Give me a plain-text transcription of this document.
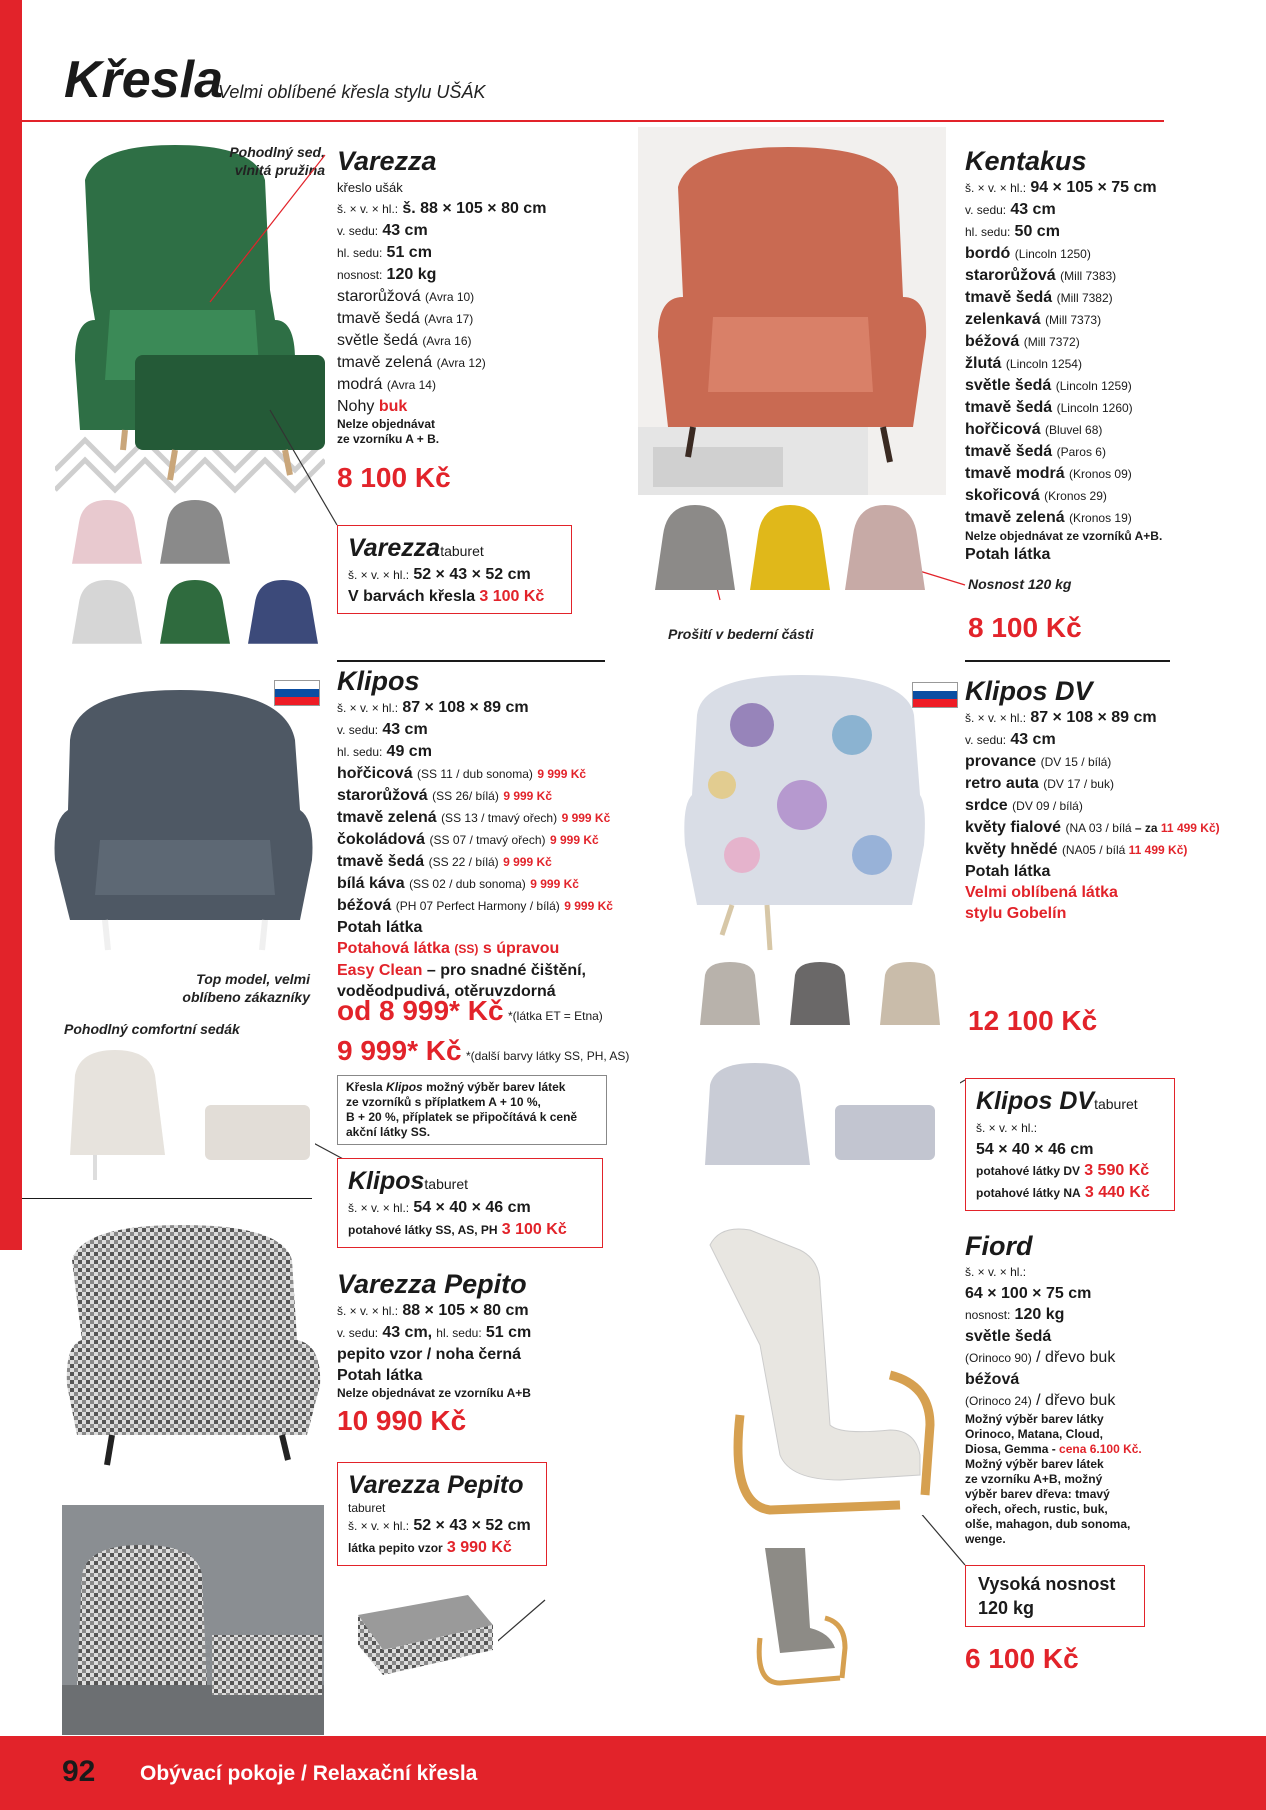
Křesla
Velmi oblíbené křesla stylu UŠÁK
Pohodlný sed,
vlnitá pružina Varezza
křeslo ušák
š. × v. × hl.: š. 88 × 105 × 80 cm
v. sedu: 43 cm
hl. sedu: 51 cm
nosnost: 120 kg
starorůžová (Avra 10)
tmavě šedá (Avra 17)
světle šedá (Avra 16)
tmavě zelená (Avra 12)
modrá (Avra 14)
Nohy buk
Nelze objednávat
ze vzorníku A + B.
8 100 Kč
Varezzataburet
š. × v. × hl.: 52 × 43 × 52 cm
V barvách křesla 3 100 Kč
Prošití v bederní části
Kentakus
š. × v. × hl.: 94 × 105 × 75 cm
v. sedu: 43 cm
hl. sedu: 50 cm
bordó (Lincoln 1250)
starorůžová (Mill 7383)
tmavě šedá (Mill 7382)
zelenkavá (Mill 7373)
béžová (Mill 7372)
žlutá (Lincoln 1254)
světle šedá (Lincoln 1259)
tmavě šedá (Lincoln 1260)
hořčicová (Bluvel 68)
tmavě šedá (Paros 6)
tmavě modrá (Kronos 09)
skořicová (Kronos 29)
tmavě zelená (Kronos 19)
Nelze objednávat ze vzorníků A+B.
Potah látka
Nosnost 120 kg
8 100 Kč
Top model, velmi
oblíbeno zákazníky
Pohodlný comfortní sedák
Klipos
š. × v. × hl.: 87 × 108 × 89 cm
v. sedu: 43 cm
hl. sedu: 49 cm
hořčicová (SS 11 / dub sonoma) 9 999 Kč
starorůžová (SS 26/ bílá) 9 999 Kč
tmavě zelená (SS 13 / tmavý ořech) 9 999 Kč
čokoládová (SS 07 / tmavý ořech) 9 999 Kč
tmavě šedá (SS 22 / bílá) 9 999 Kč
bílá káva (SS 02 / dub sonoma) 9 999 Kč
béžová (PH 07 Perfect Harmony / bílá) 9 999 Kč
Potah látka
Potahová látka (SS) s úpravou
Easy Clean – pro snadné čištění,
voděodpudivá, otěruvzdorná
od 8 999* Kč *(látka ET = Etna)
9 999* Kč *(další barvy látky SS, PH, AS)
Křesla Klipos možný výběr barev látek
ze vzorníků s příplatkem A + 10 %,
B + 20 %, příplatek se připočítává k ceně
akční látky SS.
Klipostaburet
š. × v. × hl.: 54 × 40 × 46 cm
potahové látky SS, AS, PH 3 100 Kč
Klipos DV
š. × v. × hl.: 87 × 108 × 89 cm
v. sedu: 43 cm
provance (DV 15 / bílá)
retro auta (DV 17 / buk)
srdce (DV 09 / bílá)
květy fialové (NA 03 / bílá – za 11 499 Kč)
květy hnědé (NA05 / bílá 11 499 Kč)
Potah látka
Velmi oblíbená látka
stylu Gobelín
12 100 Kč
Klipos DVtaburet
š. × v. × hl.:
54 × 40 × 46 cm
potahové látky DV 3 590 Kč
potahové látky NA 3 440 Kč
Varezza Pepito
š. × v. × hl.: 88 × 105 × 80 cm
v. sedu: 43 cm, hl. sedu: 51 cm
pepito vzor / noha černá
Potah látka
Nelze objednávat ze vzorníku A+B
10 990 Kč
Varezza Pepito
taburet
š. × v. × hl.: 52 × 43 × 52 cm
látka pepito vzor 3 990 Kč
Fiord
š. × v. × hl.:
64 × 100 × 75 cm
nosnost: 120 kg
světle šedá
(Orinoco 90) / dřevo buk
béžová
(Orinoco 24) / dřevo buk
Možný výběr barev látky
Orinoco, Matana, Cloud,
Diosa, Gemma - cena 6.100 Kč.
Možný výběr barev látek
ze vzorníku A+B, možný
výběr barev dřeva: tmavý
ořech, ořech, rustic, buk,
olše, mahagon, dub sonoma,
wenge.
Vysoká nosnost
120 kg
6 100 Kč
92 Obývací pokoje / Relaxační křesla
